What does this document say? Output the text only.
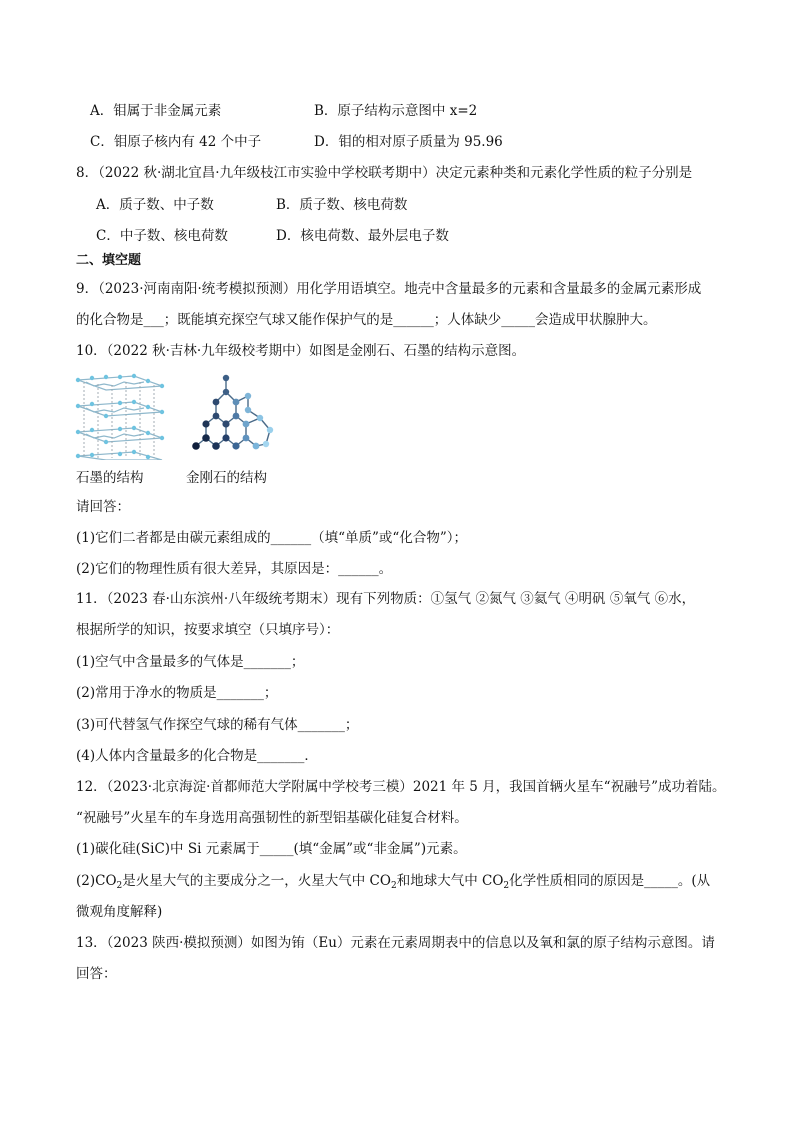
A．钼属于非金属元素	B．原子结构示意图中 x=2
C．钼原子核内有 42 个中子	D．钼的相对原子质量为 95.96
8．（2022 秋·湖北宜昌·九年级枝江市实验中学校联考期中）决定元素种类和元素化学性质的粒子分别是
A．质子数、中子数	B．质子数、核电荷数
C．中子数、核电荷数	D．核电荷数、最外层电子数
二、填空题
9．（2023·河南南阳·统考模拟预测）用化学用语填空。地壳中含量最多的元素和含量最多的金属元素形成
的化合物是___；既能填充探空气球又能作保护气的是______；人体缺少_____会造成甲状腺肿大。
10．（2022 秋·吉林·九年级校考期中）如图是金刚石、石墨的结构示意图。
石墨的结构	金刚石的结构
请回答：
(1)它们二者都是由碳元素组成的______（填“单质”或“化合物”）；
(2)它们的物理性质有很大差异，其原因是：______。
11．（2023 春·山东滨州·八年级统考期末）现有下列物质：①氢气 ②氮气 ③氦气 ④明矾 ⑤氧气 ⑥水，
根据所学的知识，按要求填空（只填序号）：
(1)空气中含量最多的气体是_______；
(2)常用于净水的物质是_______；
(3)可代替氢气作探空气球的稀有气体_______；
(4)人体内含量最多的化合物是_______．
12．（2023·北京海淀·首都师范大学附属中学校考三模）2021 年 5 月，我国首辆火星车“祝融号”成功着陆。
“祝融号”火星车的车身选用高强韧性的新型铝基碳化硅复合材料。
(1)碳化硅(SiC)中 Si 元素属于_____(填“金属”或“非金属”)元素。
$(2)CO_2$是火星大气的主要成分之一，火星大气中 $CO_2$和地球大气中 $CO_2$化学性质相同的原因是_____。(从
微观角度解释)
13．（2023 陕西·模拟预测）如图为铕（Eu）元素在元素周期表中的信息以及氧和氯的原子结构示意图。请
回答：
